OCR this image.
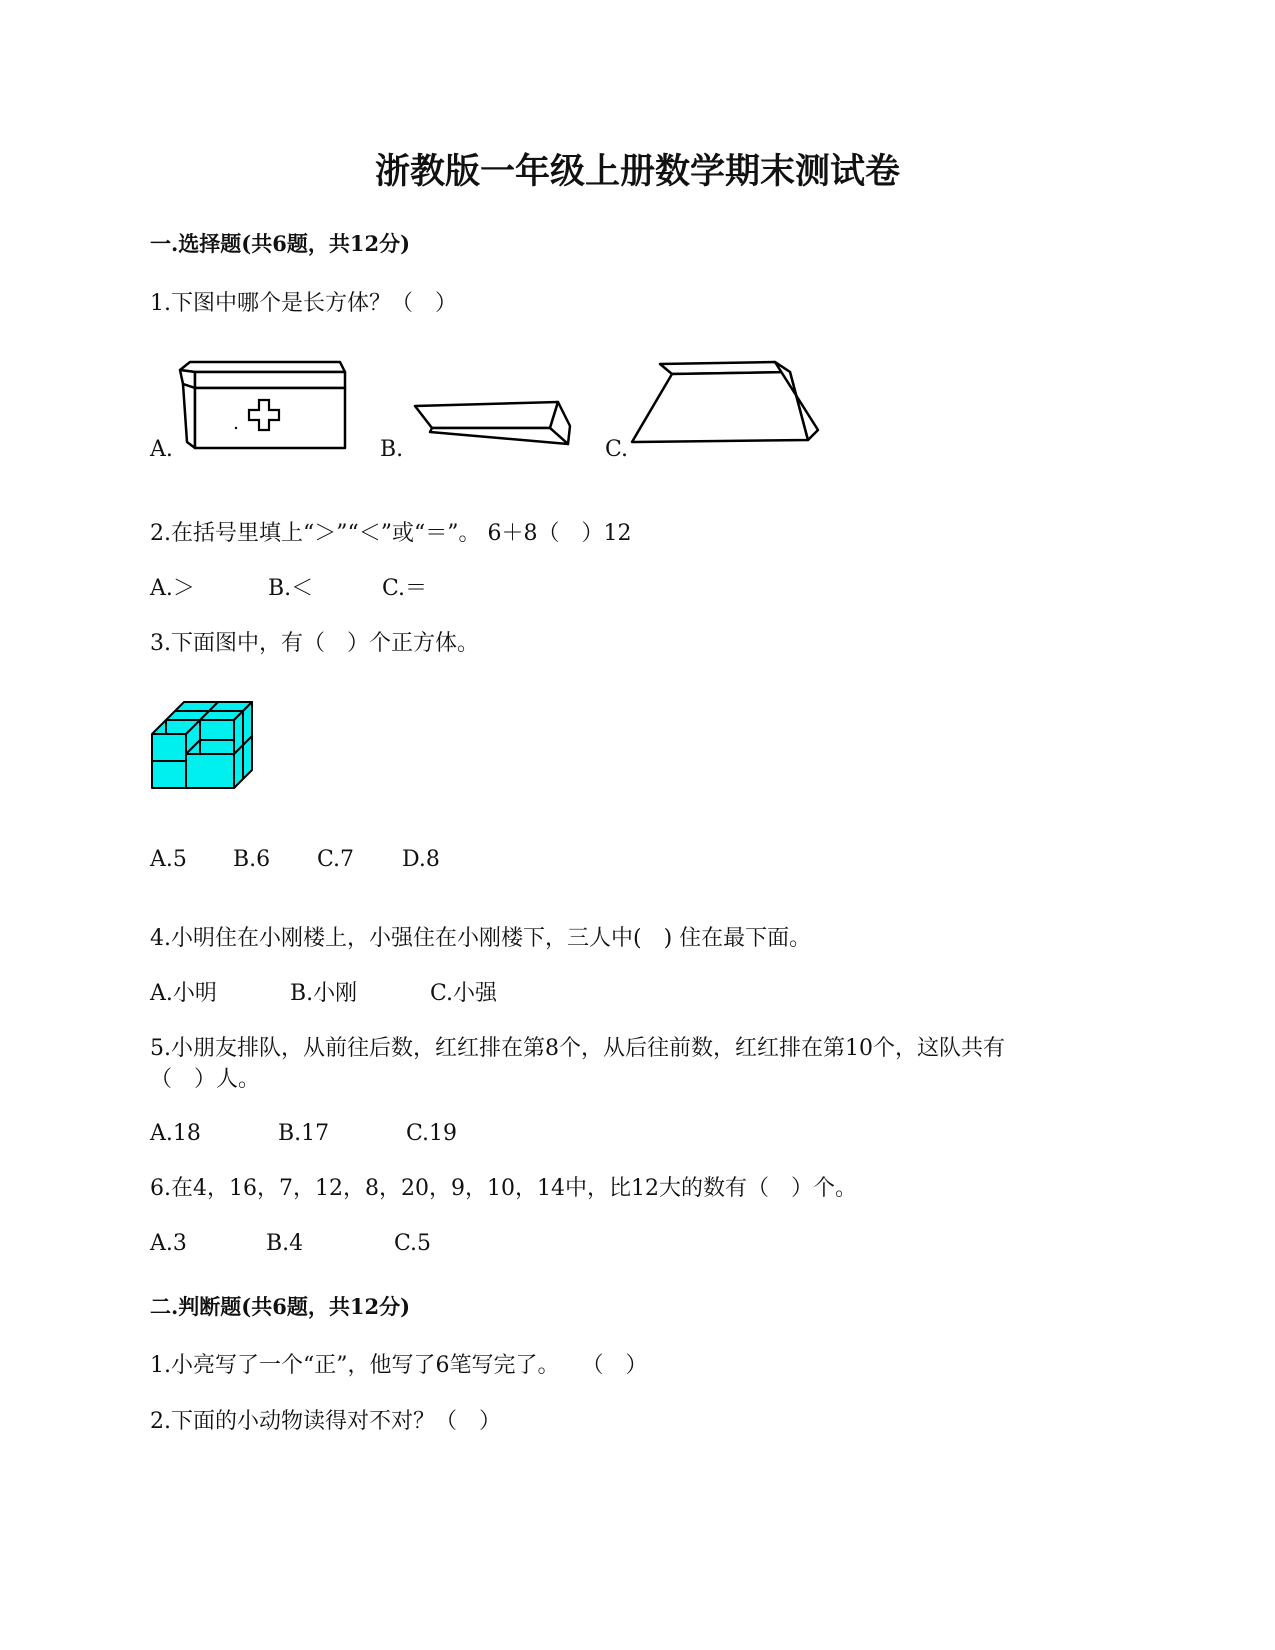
浙教版一年级上册数学期末测试卷
一.选择题(共6题，共12分)
1.下图中哪个是长方体？（　）
A.	B.	C.
2.在括号里填上“＞”“＜”或“＝”。 6＋8（　）12
A.＞	B.＜	C.＝
3.下面图中，有（　）个正方体。
A.5 B.6 C.7 D.8
4.小明住在小刚楼上，小强住在小刚楼下，三人中(　) 住在最下面。
A.小明	B.小刚	C.小强
5.小朋友排队，从前往后数，红红排在第8个，从后往前数，红红排在第10个，这队共有
（　）人。
A.18	B.17	C.19
6.在4，16，7，12，8，20，9，10，14中，比12大的数有（　）个。
A.3	B.4	C.5
二.判断题(共6题，共12分)
1.小亮写了一个“正”，他写了6笔写完了。　　（　）
2.下面的小动物读得对不对？（　）
